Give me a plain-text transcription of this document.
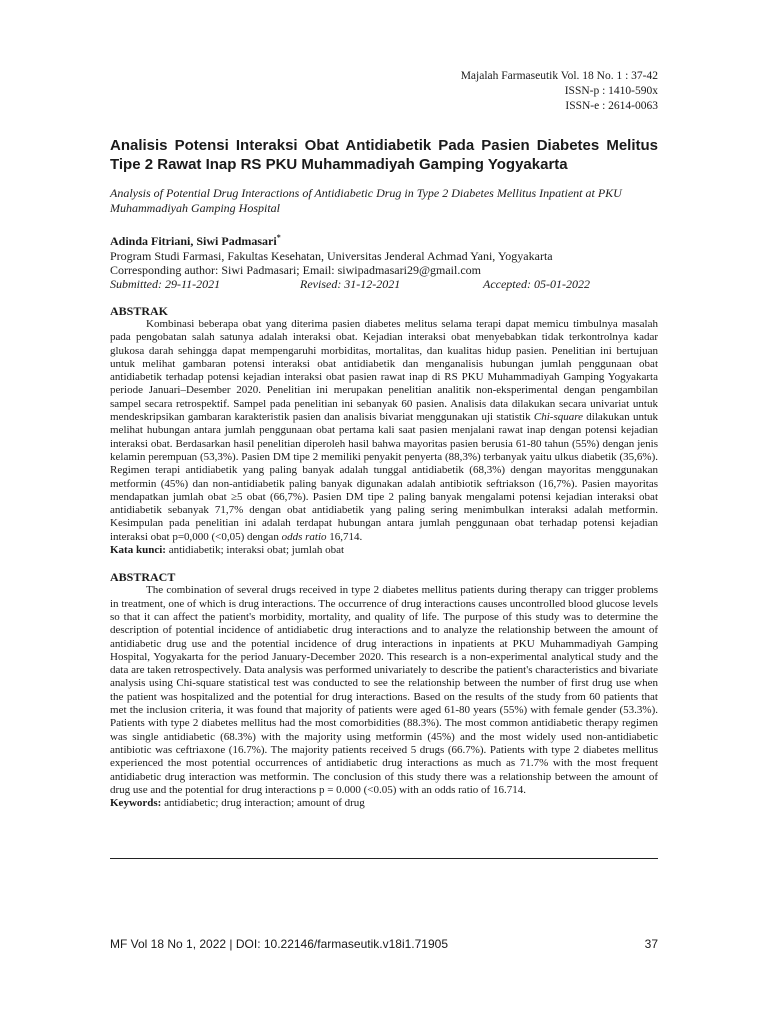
Majalah Farmaseutik Vol. 18 No. 1 : 37-42
ISSN-p : 1410-590x
ISSN-e : 2614-0063
Analisis Potensi Interaksi Obat Antidiabetik Pada Pasien Diabetes Melitus Tipe 2 Rawat Inap RS PKU Muhammadiyah Gamping Yogyakarta

Analysis of Potential Drug Interactions of Antidiabetic Drug in Type 2 Diabetes Mellitus Inpatient at PKU Muhammadiyah Gamping Hospital

Adinda Fitriani, Siwi Padmasari*
Program Studi Farmasi, Fakultas Kesehatan, Universitas Jenderal Achmad Yani, Yogyakarta
Corresponding author: Siwi Padmasari; Email: siwipadmasari29@gmail.com
Submitted: 29-11-2021	Revised: 31-12-2021	Accepted: 05-01-2022
ABSTRAK

Kombinasi beberapa obat yang diterima pasien diabetes melitus selama terapi dapat memicu timbulnya masalah pada pengobatan salah satunya adalah interaksi obat. Kejadian interaksi obat menyebabkan tidak terkontrolnya kadar glukosa darah sehingga dapat mempengaruhi morbiditas, mortalitas, dan kualitas hidup pasien. Penelitian ini bertujuan untuk melihat gambaran potensi interaksi obat antidiabetik dan menganalisis hubungan jumlah penggunaan obat antidiabetik terhadap potensi kejadian interaksi obat pasien rawat inap di RS PKU Muhammadiyah Gamping Yogyakarta periode Januari–Desember 2020. Penelitian ini merupakan penelitian analitik non-eksperimental dengan pengambilan sampel secara retrospektif. Sampel pada penelitian ini sebanyak 60 pasien. Analisis data dilakukan secara univariat untuk mendeskripsikan gambaran karakteristik pasien dan analisis bivariat menggunakan uji statistik Chi-square dilakukan untuk melihat hubungan antara jumlah penggunaan obat pertama kali saat pasien menjalani rawat inap dengan potensi kejadian interaksi obat. Berdasarkan hasil penelitian diperoleh hasil bahwa mayoritas pasien berusia 61-80 tahun (55%) dengan jenis kelamin perempuan (53,3%). Pasien DM tipe 2 memiliki penyakit penyerta (88,3%) terbanyak yaitu ulkus diabetik (35,6%). Regimen terapi antidiabetik yang paling banyak adalah tunggal antidiabetik (68,3%) dengan mayoritas menggunakan metformin (45%) dan non-antidiabetik paling banyak digunakan adalah antibiotik seftriakson (16,7%). Pasien mayoritas mendapatkan jumlah obat ≥5 obat (66,7%). Pasien DM tipe 2 paling banyak mengalami potensi kejadian interaksi obat antidiabetik sebanyak 71,7% dengan obat antidiabetik yang paling sering menimbulkan interaksi adalah metformin. Kesimpulan pada penelitian ini adalah terdapat hubungan antara jumlah penggunaan obat terhadap potensi kejadian interaksi obat p=0,000 (<0,05) dengan odds ratio 16,714.

Kata kunci: antidiabetik; interaksi obat; jumlah obat

ABSTRACT

The combination of several drugs received in type 2 diabetes mellitus patients during therapy can trigger problems in treatment, one of which is drug interactions. The occurrence of drug interactions causes uncontrolled blood glucose levels so that it can affect the patient's morbidity, mortality, and quality of life. The purpose of this study was to determine the description of potential incidence of antidiabetic drug interactions and to analyze the relationship between the amount of antidiabetic drug use and the potential incidence of drug interactions in inpatients at PKU Muhammadiyah Gamping Hospital, Yogyakarta for the period January-December 2020. This research is a non-experimental analytical study and the data are taken retrospectively. Data analysis was performed univariately to describe the patient's characteristics and bivariate analysis using Chi-square statistical test was conducted to see the relationship between the number of first drug use when the patient was hospitalized and the potential for drug interactions. Based on the results of the study from 60 patients that met the inclusion criteria, it was found that majority of patients were aged 61-80 years (55%) with female gender (53.3%). Patients with type 2 diabetes mellitus had the most comorbidities (88.3%). The most common antidiabetic therapy regimen was single antidiabetic (68.3%) with the majority using metformin (45%) and the most widely used non-antidiabetic antibiotic was ceftriaxone (16.7%). The majority patients received 5 drugs (66.7%). Patients with type 2 diabetes mellitus experienced the most potential occurrences of antidiabetic drug interactions as much as 71.7% with the most frequent antidiabetic drug interaction was metformin. The conclusion of this study there was a relationship between the amount of drug use and the potential for drug interactions p = 0.000 (<0.05) with an odds ratio of 16.714.

Keywords: antidiabetic; drug interaction; amount of drug

MF Vol 18 No 1, 2022 | DOI: 10.22146/farmaseutik.v18i1.71905	37
